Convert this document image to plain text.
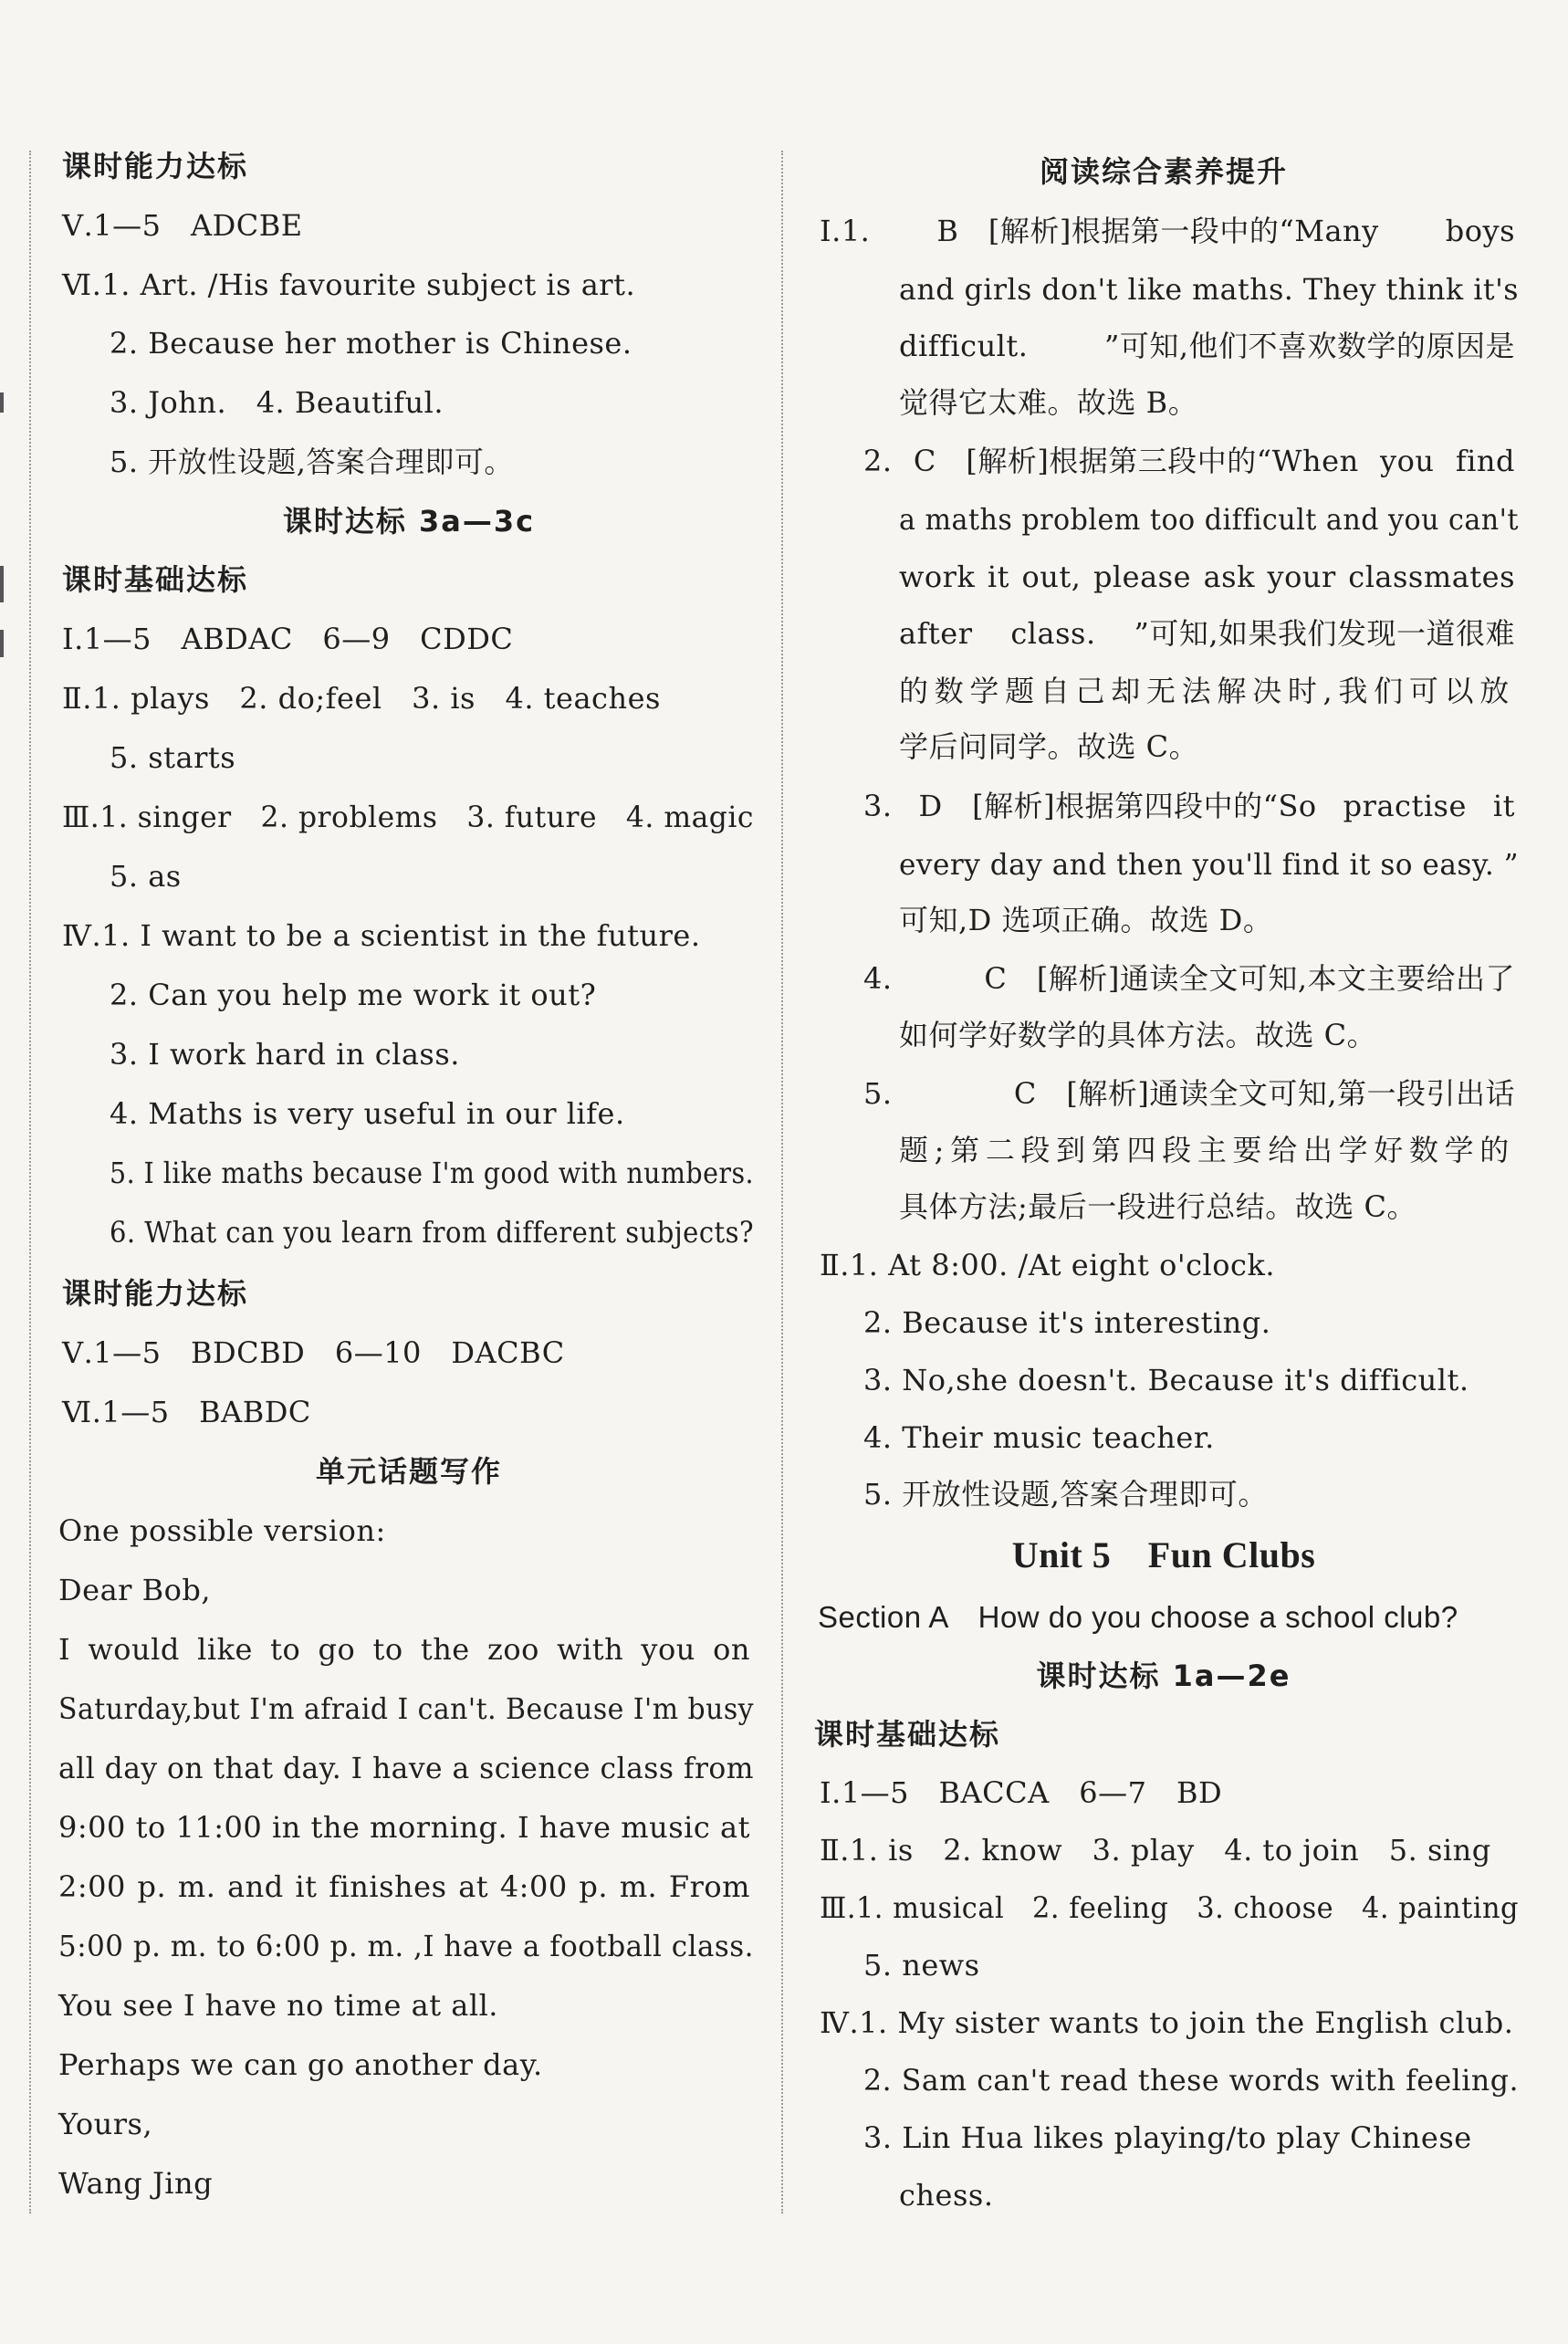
课时能力达标
Ⅴ.1—5　ADCBE
Ⅵ.1. Art. /His favourite subject is art.
2. Because her mother is Chinese.
3. John.　4. Beautiful.
5. 开放性设题,答案合理即可。
课时达标 3a—3c
课时基础达标
Ⅰ.1—5　ABDAC　6—9　CDDC
Ⅱ.1. plays　2. do;feel　3. is　4. teaches
5. starts
Ⅲ.1. singer　2. problems　3. future　4. magic
5. as
Ⅳ.1. I want to be a scientist in the future.
2. Can you help me work it out?
3. I work hard in class.
4. Maths is very useful in our life.
5. I like maths because I'm good with numbers.
6. What can you learn from different subjects?
课时能力达标
Ⅴ.1—5　BDCBD　6—10　DACBC
Ⅵ.1—5　BABDC
单元话题写作
One possible version:
Dear Bob,
I would like to go to the zoo with you on
Saturday,but I'm afraid I can't. Because I'm busy
all day on that day. I have a science class from
9:00 to 11:00 in the morning. I have music at
2:00 p. m. and it finishes at 4:00 p. m. From
5:00 p. m. to 6:00 p. m. ,I have a football class.
You see I have no time at all.
Perhaps we can go another day.
Yours,
Wang Jing
阅读综合素养提升
Ⅰ.1. B　[解析]根据第一段中的“Many boys
and girls don't like maths. They think it's
difficult. ”可知,他们不喜欢数学的原因是
觉得它太难。故选 B。
2. C　[解析]根据第三段中的“When you find
a maths problem too difficult and you can't
work it out, please ask your classmates
after class. ”可知,如果我们发现一道很难
的数学题自己却无法解决时,我们可以放
学后问同学。故选 C。
3. D　[解析]根据第四段中的“So practise it
every day and then you'll find it so easy. ”
可知,D 选项正确。故选 D。
4. C　[解析]通读全文可知,本文主要给出了
如何学好数学的具体方法。故选 C。
5. C　[解析]通读全文可知,第一段引出话
题;第二段到第四段主要给出学好数学的
具体方法;最后一段进行总结。故选 C。
Ⅱ.1. At 8:00. /At eight o'clock.
2. Because it's interesting.
3. No,she doesn't. Because it's difficult.
4. Their music teacher.
5. 开放性设题,答案合理即可。
Unit 5　Fun Clubs
Section A　How do you choose a school club?
课时达标 1a—2e
课时基础达标
Ⅰ.1—5　BACCA　6—7　BD
Ⅱ.1. is　2. know　3. play　4. to join　5. sing
Ⅲ.1. musical　2. feeling　3. choose　4. painting
5. news
Ⅳ.1. My sister wants to join the English club.
2. Sam can't read these words with feeling.
3. Lin Hua likes playing/to play Chinese
chess.
